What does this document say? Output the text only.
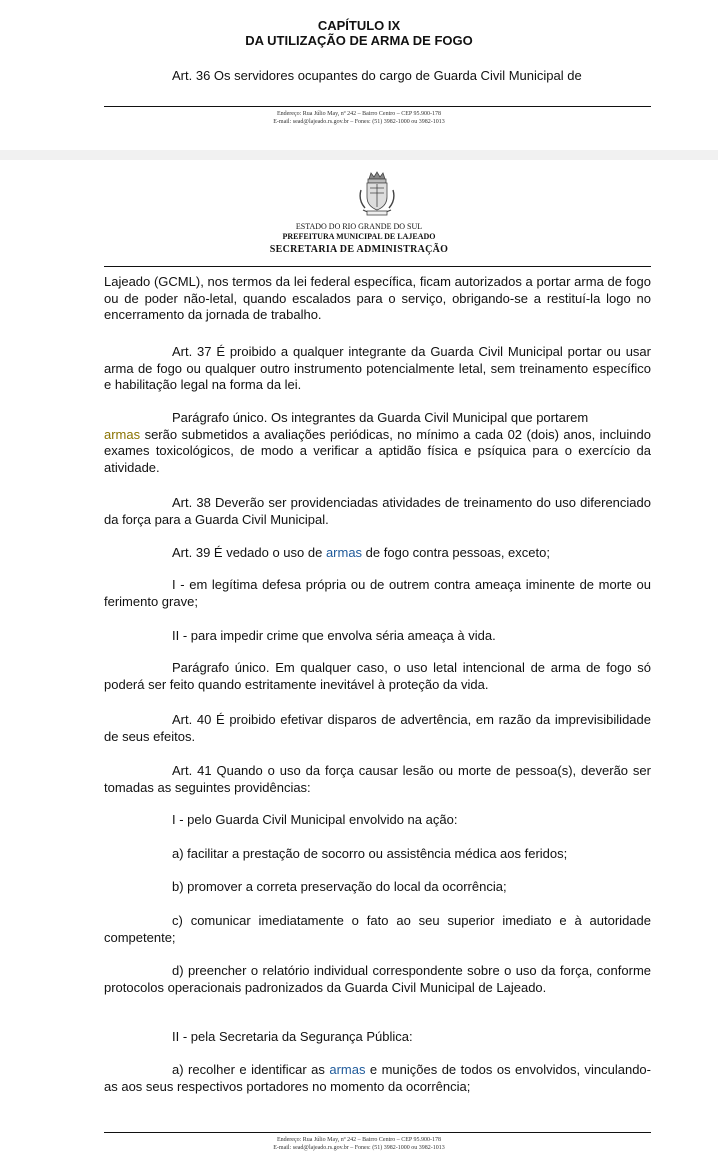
CAPÍTULO IX
DA UTILIZAÇÃO DE ARMA DE FOGO

Art. 36 Os servidores ocupantes do cargo de Guarda Civil Municipal de

Endereço: Rua Júlio May, nº 242 – Bairro Centro – CEP 95.900-178
E-mail: sead@lajeado.rs.gov.br – Fones: (51) 3982-1000 ou 3982-1013
ESTADO DO RIO GRANDE DO SUL
PREFEITURA MUNICIPAL DE LAJEADO
SECRETARIA DE ADMINISTRAÇÃO

Lajeado (GCML), nos termos da lei federal específica, ficam autorizados a portar arma de fogo ou de poder não-letal, quando escalados para o serviço, obrigando-se a restituí-la logo no encerramento da jornada de trabalho.

Art. 37 É proibido a qualquer integrante da Guarda Civil Municipal portar ou usar arma de fogo ou qualquer outro instrumento potencialmente letal, sem treinamento específico e habilitação legal na forma da lei.

Parágrafo único. Os integrantes da Guarda Civil Municipal que portarem
armas serão submetidos a avaliações periódicas, no mínimo a cada 02 (dois) anos, incluindo exames toxicológicos, de modo a verificar a aptidão física e psíquica para o exercício da atividade.

Art. 38 Deverão ser providenciadas atividades de treinamento do uso diferenciado da força para a Guarda Civil Municipal.

Art. 39 É vedado o uso de armas de fogo contra pessoas, exceto;

I - em legítima defesa própria ou de outrem contra ameaça iminente de morte ou ferimento grave;

II - para impedir crime que envolva séria ameaça à vida.

Parágrafo único. Em qualquer caso, o uso letal intencional de arma de fogo só poderá ser feito quando estritamente inevitável à proteção da vida.

Art. 40 É proibido efetivar disparos de advertência, em razão da imprevisibilidade de seus efeitos.

Art. 41 Quando o uso da força causar lesão ou morte de pessoa(s), deverão ser tomadas as seguintes providências:

I - pelo Guarda Civil Municipal envolvido na ação:

a) facilitar a prestação de socorro ou assistência médica aos feridos;

b) promover a correta preservação do local da ocorrência;

c) comunicar imediatamente o fato ao seu superior imediato e à autoridade competente;

d) preencher o relatório individual correspondente sobre o uso da força, conforme protocolos operacionais padronizados da Guarda Civil Municipal de Lajeado.

II - pela Secretaria da Segurança Pública:

a) recolher e identificar as armas e munições de todos os envolvidos, vinculando-as aos seus respectivos portadores no momento da ocorrência;

Endereço: Rua Júlio May, nº 242 – Bairro Centro – CEP 95.900-178
E-mail: sead@lajeado.rs.gov.br – Fones: (51) 3982-1000 ou 3982-1013
